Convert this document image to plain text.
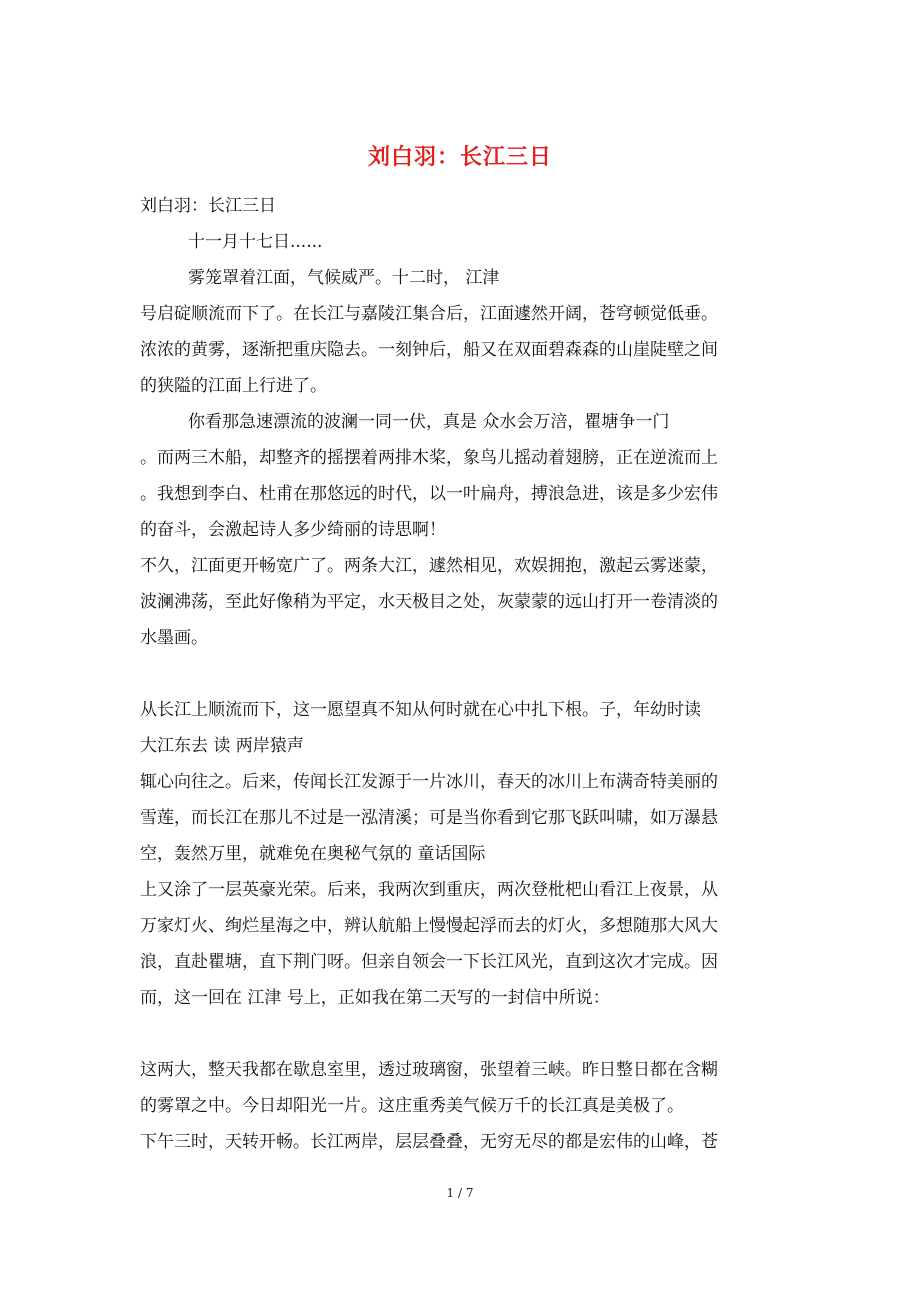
刘白羽：长江三日
刘白羽：长江三日
十一月十七日......
雾笼罩着江面，气候威严。十二时， 江津
号启碇顺流而下了。在长江与嘉陵江集合后，江面遽然开阔，苍穹顿觉低垂。
浓浓的黄雾，逐渐把重庆隐去。一刻钟后，船又在双面碧森森的山崖陡壁之间
的狭隘的江面上行进了。
你看那急速漂流的波澜一同一伏，真是 众水会万涪，瞿塘争一门
。而两三木船，却整齐的摇摆着两排木桨，象鸟儿摇动着翅膀，正在逆流而上
。我想到李白、杜甫在那悠远的时代，以一叶扁舟，搏浪急进，该是多少宏伟
的奋斗，会激起诗人多少绮丽的诗思啊！
不久，江面更开畅宽广了。两条大江，遽然相见，欢娱拥抱，激起云雾迷蒙，
波澜沸荡，至此好像稍为平定，水天极目之处，灰蒙蒙的远山打开一卷清淡的
水墨画。
从长江上顺流而下，这一愿望真不知从何时就在心中扎下根。子，年幼时读
大江东去 读 两岸猿声
辄心向往之。后来，传闻长江发源于一片冰川，春天的冰川上布满奇特美丽的
雪莲，而长江在那儿不过是一泓清溪；可是当你看到它那飞跃叫啸，如万瀑悬
空，轰然万里，就难免在奥秘气氛的 童话国际
上又涂了一层英豪光荣。后来，我两次到重庆，两次登枇杷山看江上夜景，从
万家灯火、绚烂星海之中，辨认航船上慢慢起浮而去的灯火，多想随那大风大
浪，直赴瞿塘，直下荆门呀。但亲自领会一下长江风光，直到这次才完成。因
而，这一回在 江津 号上，正如我在第二天写的一封信中所说：
这两大，整天我都在歇息室里，透过玻璃窗，张望着三峡。昨日整日都在含糊
的雾罩之中。今日却阳光一片。这庄重秀美气候万千的长江真是美极了。
下午三时，天转开畅。长江两岸，层层叠叠，无穷无尽的都是宏伟的山峰，苍
1 / 7
